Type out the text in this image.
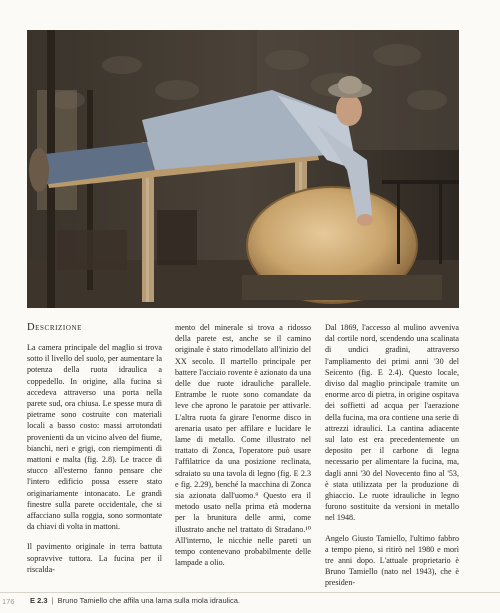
Descrizione

La camera principale del maglio si trova sotto il livello del suolo, per aumentare la potenza della ruota idraulica a coppedello. In origine, alla fucina si accedeva attraverso una porta nella parete sud, ora chiusa. Le spesse mura di pietrame sono costruite con materiali locali a basso costo: massi arrotondati provenienti da un vicino alveo del fiume, bianchi, neri e grigi, con riempimenti di mattoni e malta (fig. 2.8). Le tracce di stucco all'esterno fanno pensare che l'intero edificio possa essere stato originariamente intonacato. Le grandi finestre sulla parete occidentale, che si affacciano sulla roggia, sono sormontate da chiavi di volta in mattoni.

Il pavimento originale in terra battuta sopravvive tuttora. La fucina per il riscalda-

mento del minerale si trova a ridosso della parete est, anche se il camino originale è stato rimodellato all'inizio del XX secolo. Il martello principale per battere l'acciaio rovente è azionato da una delle due ruote idrauliche parallele. Entrambe le ruote sono comandate da leve che aprono le paratoie per attivarle. L'altra ruota fa girare l'enorme disco in arenaria usato per affilare e lucidare le lame di metallo. Come illustrato nel trattato di Zonca, l'operatore può usare l'affilatrice da una posizione reclinata, sdraiato su una tavola di legno (fig. E 2.3 e fig. 2.29), benché la macchina di Zonca sia azionata dall'uomo.⁹ Questo era il metodo usato nella prima età moderna per la brunitura delle armi, come illustrato anche nel trattato di Stradano.¹⁰ All'interno, le nicchie nelle pareti un tempo contenevano probabilmente delle lampade a olio.

Dal 1869, l'accesso al mulino avveniva dal cortile nord, scendendo una scalinata di undici gradini, attraverso l'ampliamento dei primi anni '30 del Seicento (fig. E 2.4). Questo locale, diviso dal maglio principale tramite un enorme arco di pietra, in origine ospitava dei soffietti ad acqua per l'aerazione della fucina, ma ora contiene una serie di attrezzi idraulici. La cantina adiacente sul lato est era precedentemente un deposito per il carbone di legna necessario per alimentare la fucina, ma, dagli anni '30 del Novecento fino al '53, è stata utilizzata per la produzione di ghiaccio. Le ruote idrauliche in legno furono sostituite da versioni in metallo nel 1948.

Angelo Giusto Tamiello, l'ultimo fabbro a tempo pieno, si ritirò nel 1980 e morì tre anni dopo. L'attuale proprietario è Bruno Tamiello (nato nel 1943), che è presiden-

176 E 2.3 | Bruno Tamiello che affila una lama sulla mola idraulica.
